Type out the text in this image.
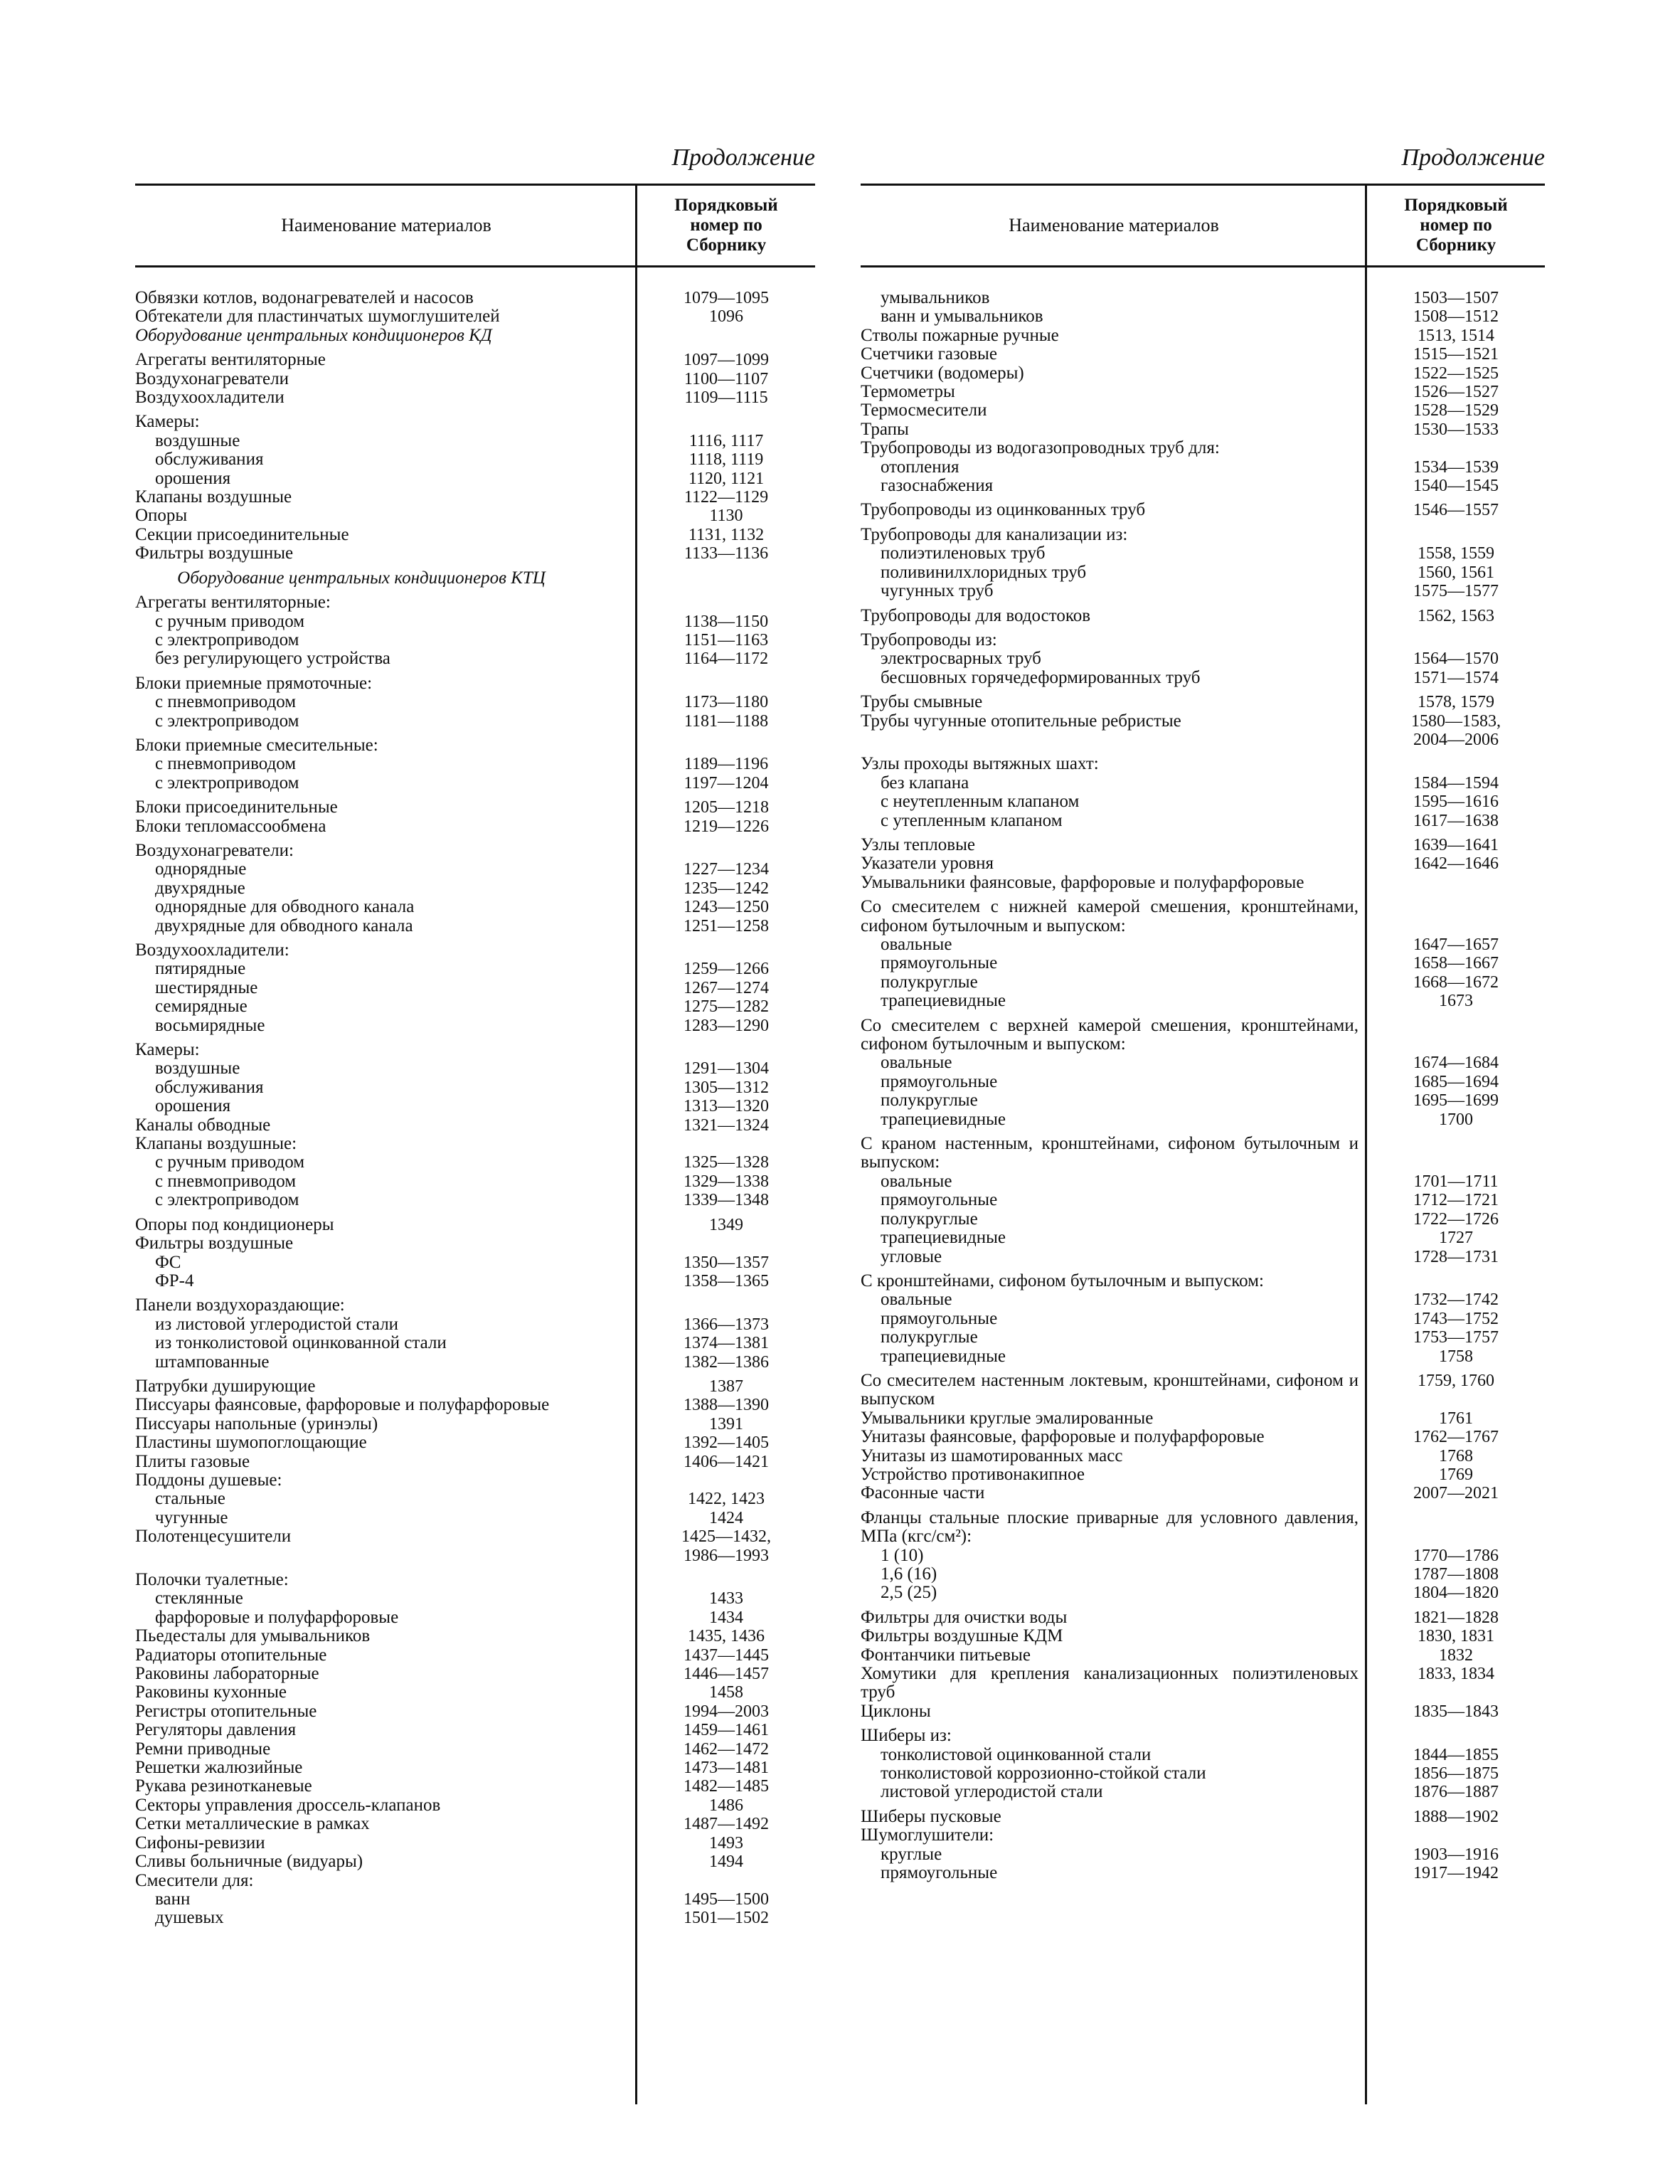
Продолжение
Наименование материалов
Порядковый
номер по
Сборнику
Обвязки котлов, водонагревателей и насосов	1079—1095
Обтекатели для пластинчатых шумоглушителей	1096
Оборудование центральных кондиционеров КД
Агрегаты вентиляторные	1097—1099
Воздухонагреватели	1100—1107
Воздухоохладители	1109—1115
Камеры:
воздушные	1116, 1117
обслуживания	1118, 1119
орошения	1120, 1121
Клапаны воздушные	1122—1129
Опоры	1130
Секции присоединительные	1131, 1132
Фильтры воздушные	1133—1136
Оборудование центральных кондиционеров КТЦ
Агрегаты вентиляторные:
с ручным приводом	1138—1150
с электроприводом	1151—1163
без регулирующего устройства	1164—1172
Блоки приемные прямоточные:
с пневмоприводом	1173—1180
с электроприводом	1181—1188
Блоки приемные смесительные:
с пневмоприводом	1189—1196
с электроприводом	1197—1204
Блоки присоединительные	1205—1218
Блоки тепломассообмена	1219—1226
Воздухонагреватели:
однорядные	1227—1234
двухрядные	1235—1242
однорядные для обводного канала	1243—1250
двухрядные для обводного канала	1251—1258
Воздухоохладители:
пятирядные	1259—1266
шестирядные	1267—1274
семирядные	1275—1282
восьмирядные	1283—1290
Камеры:
воздушные	1291—1304
обслуживания	1305—1312
орошения	1313—1320
Каналы обводные	1321—1324
Клапаны воздушные:
с ручным приводом	1325—1328
с пневмоприводом	1329—1338
с электроприводом	1339—1348
Опоры под кондиционеры	1349
Фильтры воздушные
ФС	1350—1357
ФР-4	1358—1365
Панели воздухораздающие:
из листовой углеродистой стали	1366—1373
из тонколистовой оцинкованной стали	1374—1381
штампованные	1382—1386
Патрубки душирующие	1387
Писсуары фаянсовые, фарфоровые и полуфарфоровые	1388—1390
Писсуары напольные (уринэлы)	1391
Пластины шумопоглощающие	1392—1405
Плиты газовые	1406—1421
Поддоны душевые:
стальные	1422, 1423
чугунные	1424
Полотенцесушители	1425—1432,
1986—1993
Полочки туалетные:
стеклянные	1433
фарфоровые и полуфарфоровые	1434
Пьедесталы для умывальников	1435, 1436
Радиаторы отопительные	1437—1445
Раковины лабораторные	1446—1457
Раковины кухонные	1458
Регистры отопительные	1994—2003
Регуляторы давления	1459—1461
Ремни приводные	1462—1472
Решетки жалюзийные	1473—1481
Рукава резинотканевые	1482—1485
Секторы управления дроссель-клапанов	1486
Сетки металлические в рамках	1487—1492
Сифоны-ревизии	1493
Сливы больничные (видуары)	1494
Смесители для:
ванн	1495—1500
душевых	1501—1502
Продолжение
Наименование материалов
Порядковый
номер по
Сборнику
умывальников	1503—1507
ванн и умывальников	1508—1512
Стволы пожарные ручные	1513, 1514
Счетчики газовые	1515—1521
Счетчики (водомеры)	1522—1525
Термометры	1526—1527
Термосмесители	1528—1529
Трапы	1530—1533
Трубопроводы из водогазопроводных труб для:
отопления	1534—1539
газоснабжения	1540—1545
Трубопроводы из оцинкованных труб	1546—1557
Трубопроводы для канализации из:
полиэтиленовых труб	1558, 1559
поливинилхлоридных труб	1560, 1561
чугунных труб	1575—1577
Трубопроводы для водостоков	1562, 1563
Трубопроводы из:
электросварных труб	1564—1570
бесшовных горячедеформированных труб	1571—1574
Трубы смывные	1578, 1579
Трубы чугунные отопительные ребристые	1580—1583,
2004—2006
Узлы проходы вытяжных шахт:
без клапана	1584—1594
с неутепленным клапаном	1595—1616
с утепленным клапаном	1617—1638
Узлы тепловые	1639—1641
Указатели уровня	1642—1646
Умывальники фаянсовые, фарфоровые и полуфарфоровые
Со смесителем с нижней камерой смешения, кронштейнами, сифоном бутылочным и выпуском:
овальные	1647—1657
прямоугольные	1658—1667
полукруглые	1668—1672
трапециевидные	1673
Со смесителем с верхней камерой смешения, кронштейнами, сифоном бутылочным и выпуском:
овальные	1674—1684
прямоугольные	1685—1694
полукруглые	1695—1699
трапециевидные	1700
С краном настенным, кронштейнами, сифоном бутылочным и выпуском:
овальные	1701—1711
прямоугольные	1712—1721
полукруглые	1722—1726
трапециевидные	1727
угловые	1728—1731
С кронштейнами, сифоном бутылочным и выпуском:
овальные	1732—1742
прямоугольные	1743—1752
полукруглые	1753—1757
трапециевидные	1758
Со смесителем настенным локтевым, кронштейнами, сифоном и выпуском
1759, 1760
Умывальники круглые эмалированные	1761
Унитазы фаянсовые, фарфоровые и полуфарфоровые	1762—1767
Унитазы из шамотированных масс	1768
Устройство противонакипное	1769
Фасонные части	2007—2021
Фланцы стальные плоские приварные для условного давления, МПа (кгс/см²):
1 (10)	1770—1786
1,6 (16)	1787—1808
2,5 (25)	1804—1820
Фильтры для очистки воды	1821—1828
Фильтры воздушные КДМ	1830, 1831
Фонтанчики питьевые	1832
Хомутики для крепления канализационных полиэтиленовых труб
1833, 1834
Циклоны	1835—1843
Шиберы из:
тонколистовой оцинкованной стали	1844—1855
тонколистовой коррозионно-стойкой стали	1856—1875
листовой углеродистой стали	1876—1887
Шиберы пусковые	1888—1902
Шумоглушители:
круглые	1903—1916
прямоугольные	1917—1942
